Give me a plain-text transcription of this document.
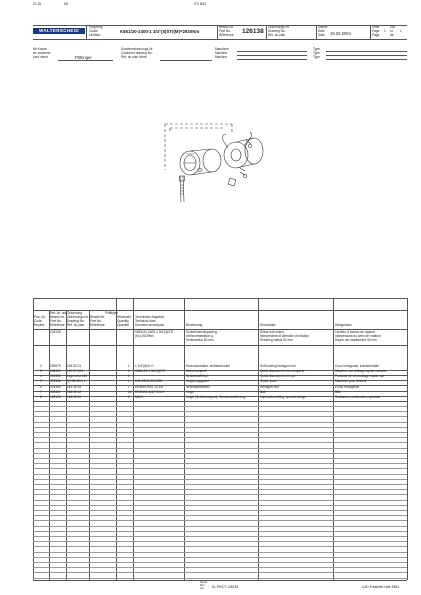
01-20	K8	STI 8/43
WALTERSCHEID
Kupplung
Clutch
Limiteur
K861/20-2400-1 3/4"(6)STI(M)=2920Nm
Bestell-Nr.
Part No.
Référence 126138
Zeichnungs-Nr.
Drawing No.
Réf. du plan
Datum
Date
Date	15.02.2004
Seite
Page
Page
1
von
of
de
1
für Kunde
for customer
pour client	Pöttinger
Kundenzeichnungs-Nr.
Customer drawing No.
Réf. du plan client
Maschine
Machine
Machine
Type
Type
Type
Ref.-Nr. auf Zeichnung	Pöttinger
Pos.-Nr.
Code
Repère
Bestell-Nr.
Part No.
Référence
Zeichnungs-Nr.
Drawing No.
Réf. du plan
Bestell-Nr.
Part No.
Référence
Stückzahl
Quantity
Quantité
Technische Angaben
Technical data
Données techniques	Benennung	Description	Désignation
126138	K861/20-2400-1 3/4"(6)STI
(M)=2920Nm
Scherbolzenkupplung,
drehw.einstellbar g.
Scherradius 50 mm
Shear bolt clutch,
independent of direction of rotation
Shearing radius 50 mm
Limiteur à boulon de rupture,
indépendant du sens de rotation
Rayon de cisaillement 50 mm
2	025575 163.52.01	1 1 3/4"(6)/K.O.	Sechskantnabe, selbstschmierl	Self-locking hexagon hub	Cuvu hexagonal, indesserrable
3	186330 157.27.104	1 K861-20-1 3/4"(6)STI	Nabe komplett	Quick-disconnect hub complete	Moyeu à verrouillage rapide complet
4	001592 Ingemiest 160	1	Schiebestift kpl.	Quick-disconnect pin cpl.	Poussoir de verrouillage rapide cpl.
5	331598 K5.08.05.0-1	1 K40-K5K4-20-2400	Kupplungsgabel	Clutch yoke	Mâchoire pour limiteur
6	025454 163.35.16	1 DIN985-M10-10-8.8	Sechskantmutter	Hexagon bolt	Écrou hexagonal
7	008601 169.01.12	24 DIN5401-4(6)"-1/4-II	Kugel	Ball	Bille
8	184125 163.35.10	1 M401	Kugel (Schmiernippel), Sonderausführung	Lubrication fitting, special design	Graisseur, construction spéciale
Stand
Rev.
Ind.	EL.PH077.126138	CAD-Ersatzteil-Liste-K8EL
